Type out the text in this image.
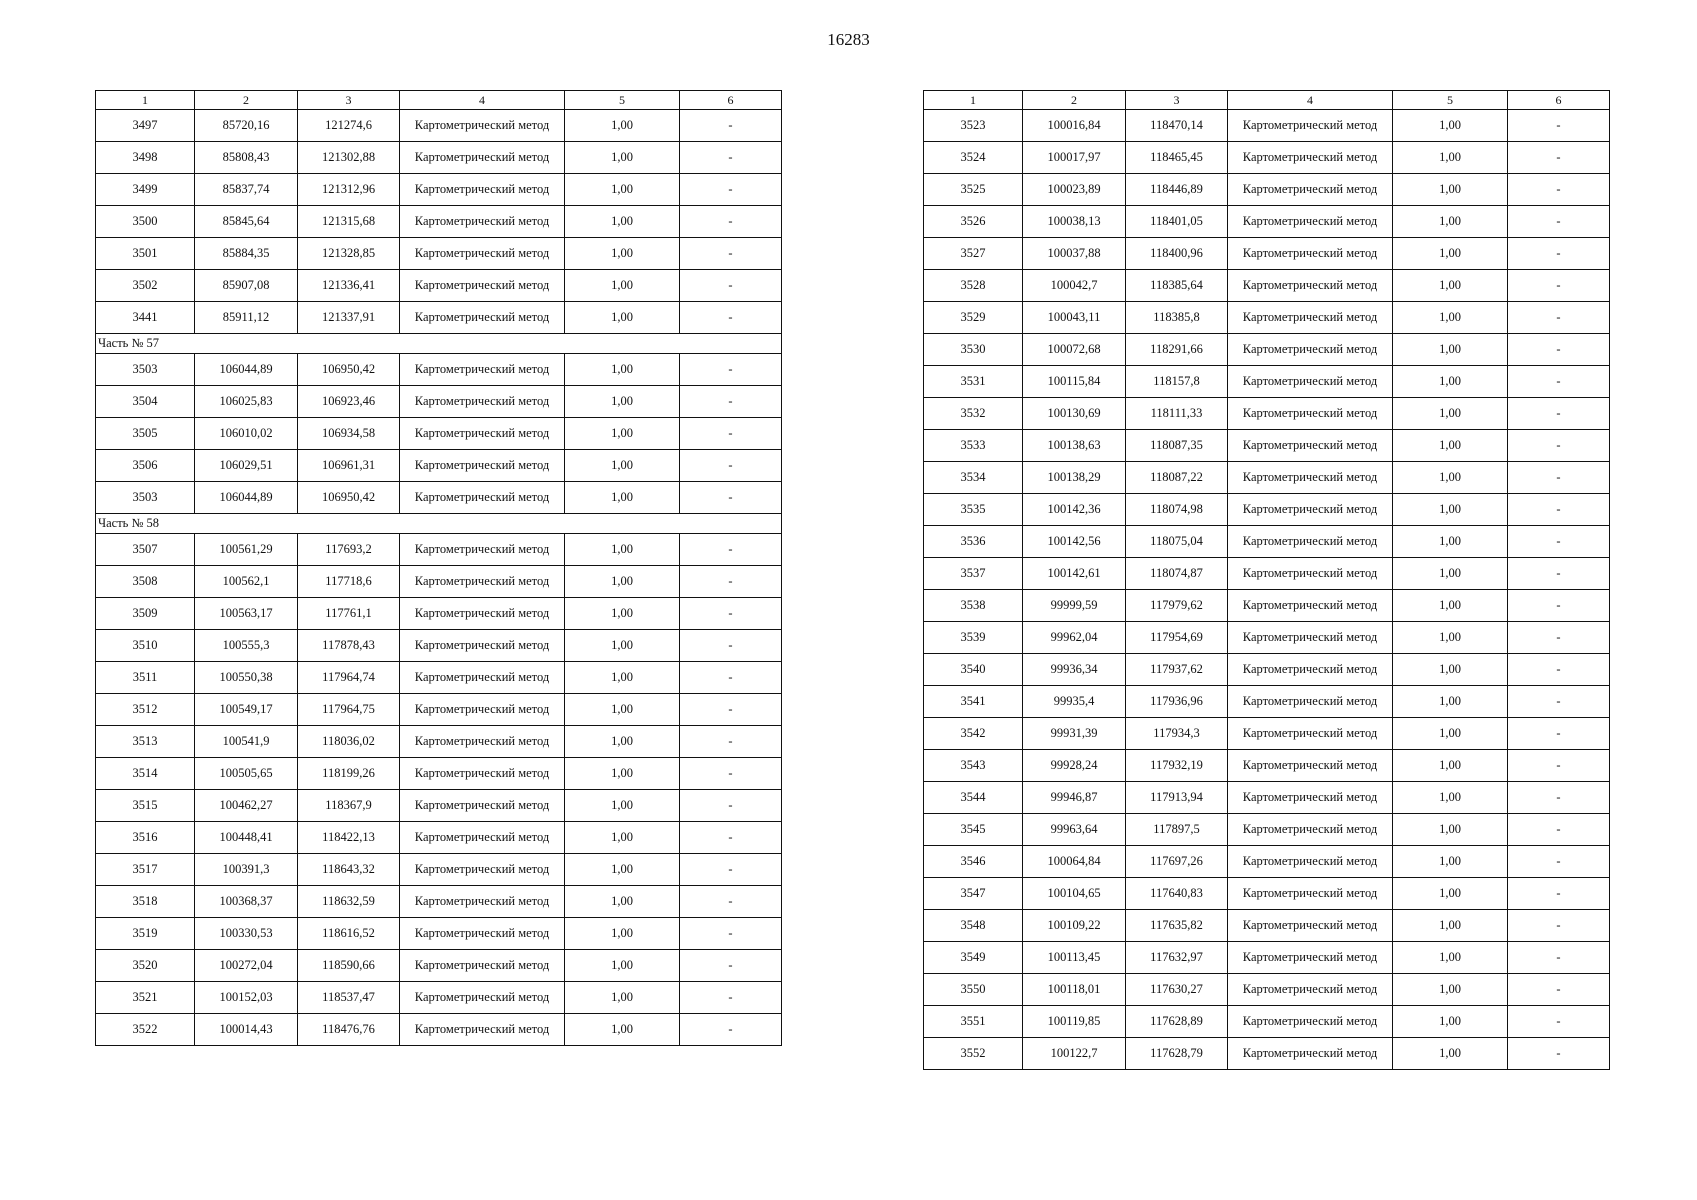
16283
1	2	3	4	5	6
3497	85720,16	121274,6	Картометрический метод	1,00	-
3498	85808,43	121302,88	Картометрический метод	1,00	-
3499	85837,74	121312,96	Картометрический метод	1,00	-
3500	85845,64	121315,68	Картометрический метод	1,00	-
3501	85884,35	121328,85	Картометрический метод	1,00	-
3502	85907,08	121336,41	Картометрический метод	1,00	-
3441	85911,12	121337,91	Картометрический метод	1,00	-
Часть № 57					
3503	106044,89	106950,42	Картометрический метод	1,00	-
3504	106025,83	106923,46	Картометрический метод	1,00	-
3505	106010,02	106934,58	Картометрический метод	1,00	-
3506	106029,51	106961,31	Картометрический метод	1,00	-
3503	106044,89	106950,42	Картометрический метод	1,00	-
Часть № 58					
3507	100561,29	117693,2	Картометрический метод	1,00	-
3508	100562,1	117718,6	Картометрический метод	1,00	-
3509	100563,17	117761,1	Картометрический метод	1,00	-
3510	100555,3	117878,43	Картометрический метод	1,00	-
3511	100550,38	117964,74	Картометрический метод	1,00	-
3512	100549,17	117964,75	Картометрический метод	1,00	-
3513	100541,9	118036,02	Картометрический метод	1,00	-
3514	100505,65	118199,26	Картометрический метод	1,00	-
3515	100462,27	118367,9	Картометрический метод	1,00	-
3516	100448,41	118422,13	Картометрический метод	1,00	-
3517	100391,3	118643,32	Картометрический метод	1,00	-
3518	100368,37	118632,59	Картометрический метод	1,00	-
3519	100330,53	118616,52	Картометрический метод	1,00	-
3520	100272,04	118590,66	Картометрический метод	1,00	-
3521	100152,03	118537,47	Картометрический метод	1,00	-
3522	100014,43	118476,76	Картометрический метод	1,00	-
1	2	3	4	5	6
3523	100016,84	118470,14	Картометрический метод	1,00	-
3524	100017,97	118465,45	Картометрический метод	1,00	-
3525	100023,89	118446,89	Картометрический метод	1,00	-
3526	100038,13	118401,05	Картометрический метод	1,00	-
3527	100037,88	118400,96	Картометрический метод	1,00	-
3528	100042,7	118385,64	Картометрический метод	1,00	-
3529	100043,11	118385,8	Картометрический метод	1,00	-
3530	100072,68	118291,66	Картометрический метод	1,00	-
3531	100115,84	118157,8	Картометрический метод	1,00	-
3532	100130,69	118111,33	Картометрический метод	1,00	-
3533	100138,63	118087,35	Картометрический метод	1,00	-
3534	100138,29	118087,22	Картометрический метод	1,00	-
3535	100142,36	118074,98	Картометрический метод	1,00	-
3536	100142,56	118075,04	Картометрический метод	1,00	-
3537	100142,61	118074,87	Картометрический метод	1,00	-
3538	99999,59	117979,62	Картометрический метод	1,00	-
3539	99962,04	117954,69	Картометрический метод	1,00	-
3540	99936,34	117937,62	Картометрический метод	1,00	-
3541	99935,4	117936,96	Картометрический метод	1,00	-
3542	99931,39	117934,3	Картометрический метод	1,00	-
3543	99928,24	117932,19	Картометрический метод	1,00	-
3544	99946,87	117913,94	Картометрический метод	1,00	-
3545	99963,64	117897,5	Картометрический метод	1,00	-
3546	100064,84	117697,26	Картометрический метод	1,00	-
3547	100104,65	117640,83	Картометрический метод	1,00	-
3548	100109,22	117635,82	Картометрический метод	1,00	-
3549	100113,45	117632,97	Картометрический метод	1,00	-
3550	100118,01	117630,27	Картометрический метод	1,00	-
3551	100119,85	117628,89	Картометрический метод	1,00	-
3552	100122,7	117628,79	Картометрический метод	1,00	-
